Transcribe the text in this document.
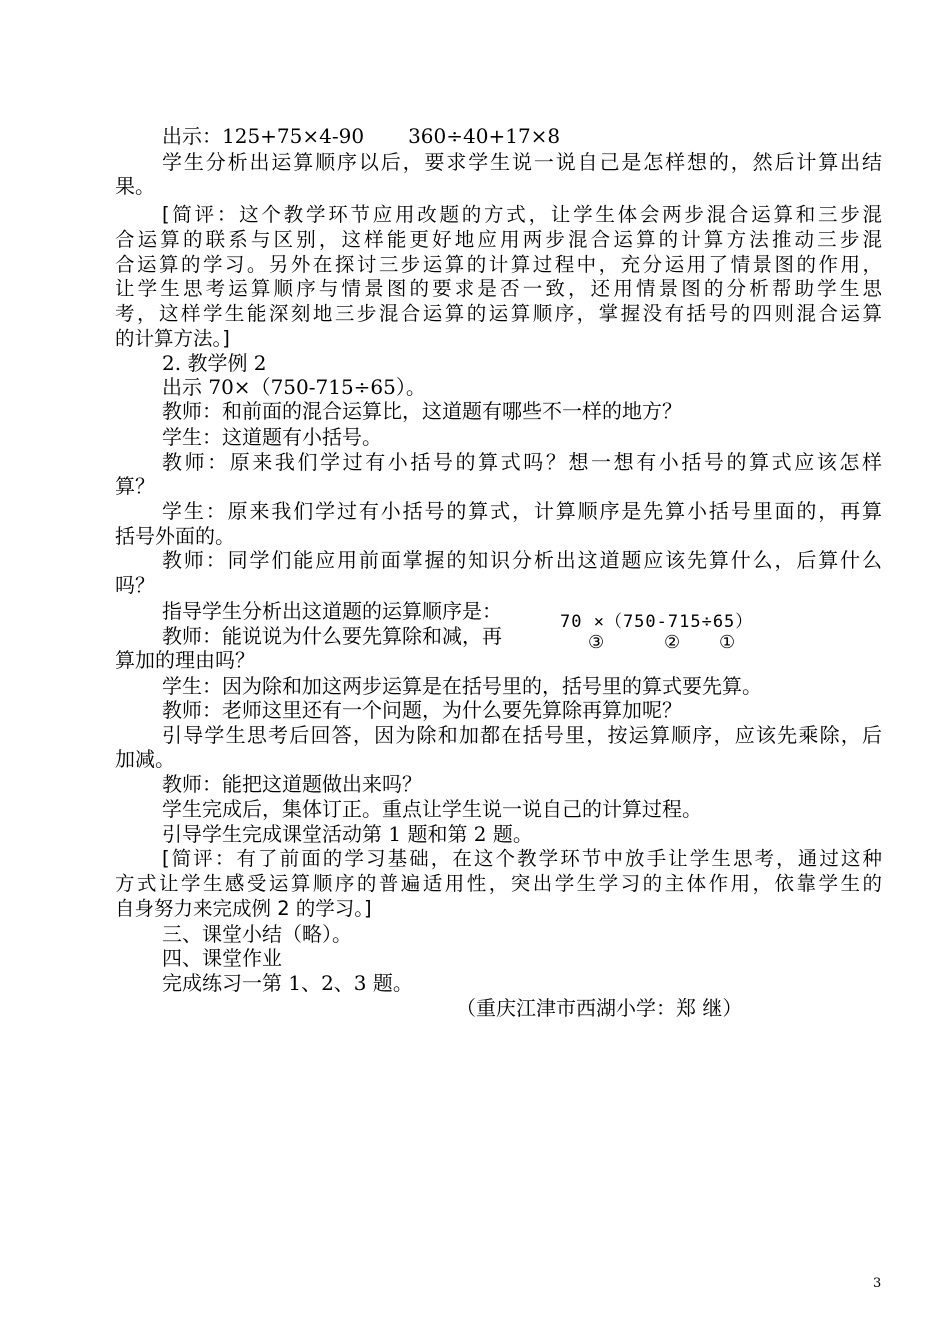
出示：125+75×4-90 360÷40+17×8
学生分析出运算顺序以后，要求学生说一说自己是怎样想的，然后计算出结
果。
[简评：这个教学环节应用改题的方式，让学生体会两步混合运算和三步混
合运算的联系与区别，这样能更好地应用两步混合运算的计算方法推动三步混
合运算的学习。另外在探讨三步运算的计算过程中，充分运用了情景图的作用，
让学生思考运算顺序与情景图的要求是否一致，还用情景图的分析帮助学生思
考，这样学生能深刻地三步混合运算的运算顺序，掌握没有括号的四则混合运算
的计算方法。]
2. 教学例 2
出示 70×（750-715÷65）。
教师：和前面的混合运算比，这道题有哪些不一样的地方？
学生：这道题有小括号。
教师：原来我们学过有小括号的算式吗？想一想有小括号的算式应该怎样
算？
学生：原来我们学过有小括号的算式，计算顺序是先算小括号里面的，再算
括号外面的。
教师：同学们能应用前面掌握的知识分析出这道题应该先算什么，后算什么
吗？
指导学生分析出这道题的运算顺序是：
教师：能说说为什么要先算除和减，再
算加的理由吗？
70 ×（750-715÷65）
③	② ①
学生：因为除和加这两步运算是在括号里的，括号里的算式要先算。
教师：老师这里还有一个问题，为什么要先算除再算加呢？
引导学生思考后回答，因为除和加都在括号里，按运算顺序，应该先乘除，后
加减。
教师：能把这道题做出来吗？
学生完成后，集体订正。重点让学生说一说自己的计算过程。
引导学生完成课堂活动第 1 题和第 2 题。
[简评：有了前面的学习基础，在这个教学环节中放手让学生思考，通过这种
方式让学生感受运算顺序的普遍适用性，突出学生学习的主体作用，依靠学生的
自身努力来完成例 2 的学习。]
三、课堂小结（略）。
四、课堂作业
完成练习一第 1、2、3 题。
（重庆江津市西湖小学：郑 继）
3
